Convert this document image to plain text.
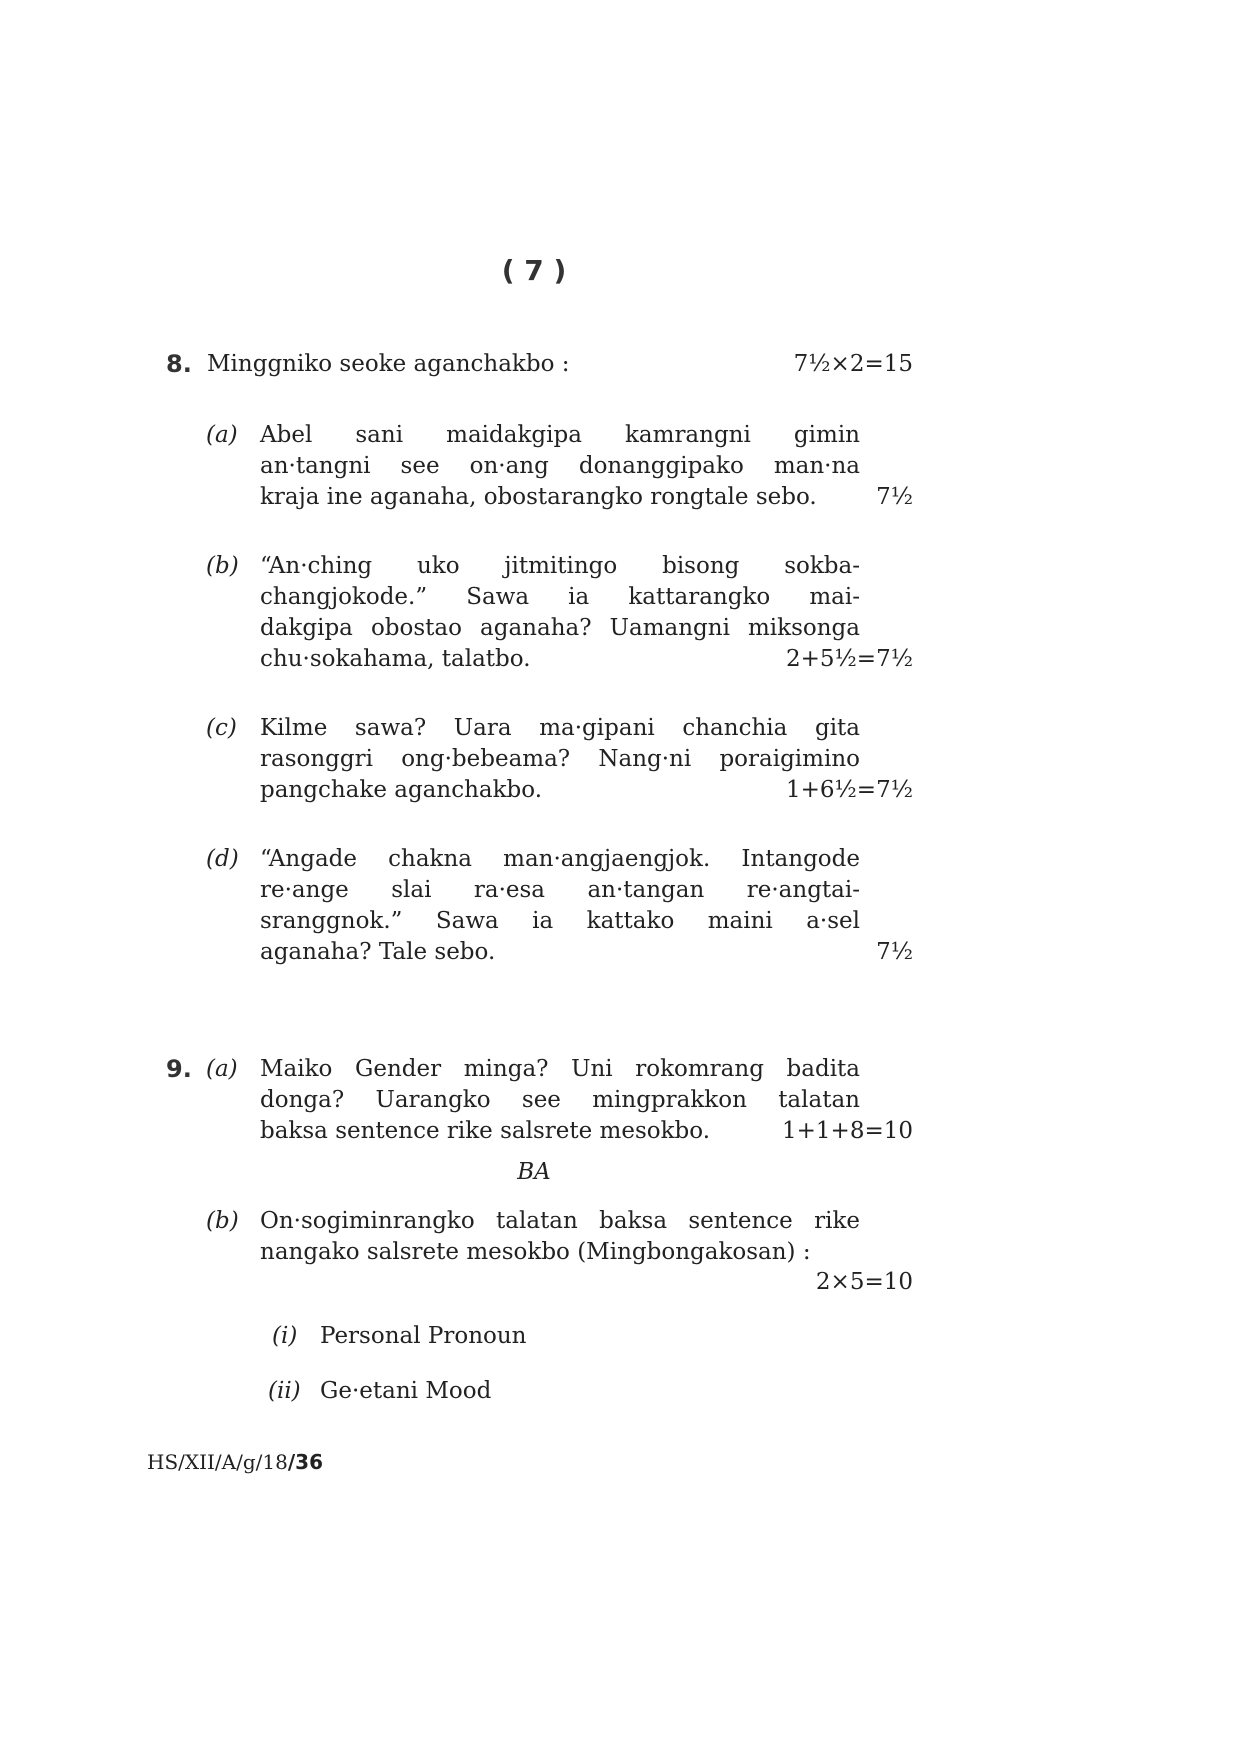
( 7 )
8. Minggniko seoke aganchakbo :	7½×2=15
(a) Abel sani maidakgipa kamrangni gimin
an·tangni see on·ang donanggipako man·na
kraja ine aganaha, obostarangko rongtale sebo.	7½
(b) “An·ching uko jitmitingo bisong sokba-
changjokode.” Sawa ia kattarangko mai-
dakgipa obostao aganaha? Uamangni miksonga
chu·sokahama, talatbo.	2+5½=7½
(c) Kilme sawa? Uara ma·gipani chanchia gita
rasonggri ong·bebeama? Nang·ni poraigimino
pangchake aganchakbo.	1+6½=7½
(d) “Angade chakna man·angjaengjok. Intangode
re·ange slai ra·esa an·tangan re·angtai-
sranggnok.” Sawa ia kattako maini a·sel
aganaha? Tale sebo.	7½
9. (a) Maiko Gender minga? Uni rokomrang badita
donga? Uarangko see mingprakkon talatan
baksa sentence rike salsrete mesokbo.	1+1+8=10
BA
(b) On·sogiminrangko talatan baksa sentence rike
nangako salsrete mesokbo (Mingbongakosan) :
2×5=10
(i) Personal Pronoun
(ii) Ge·etani Mood
HS/XII/A/g/18/36
